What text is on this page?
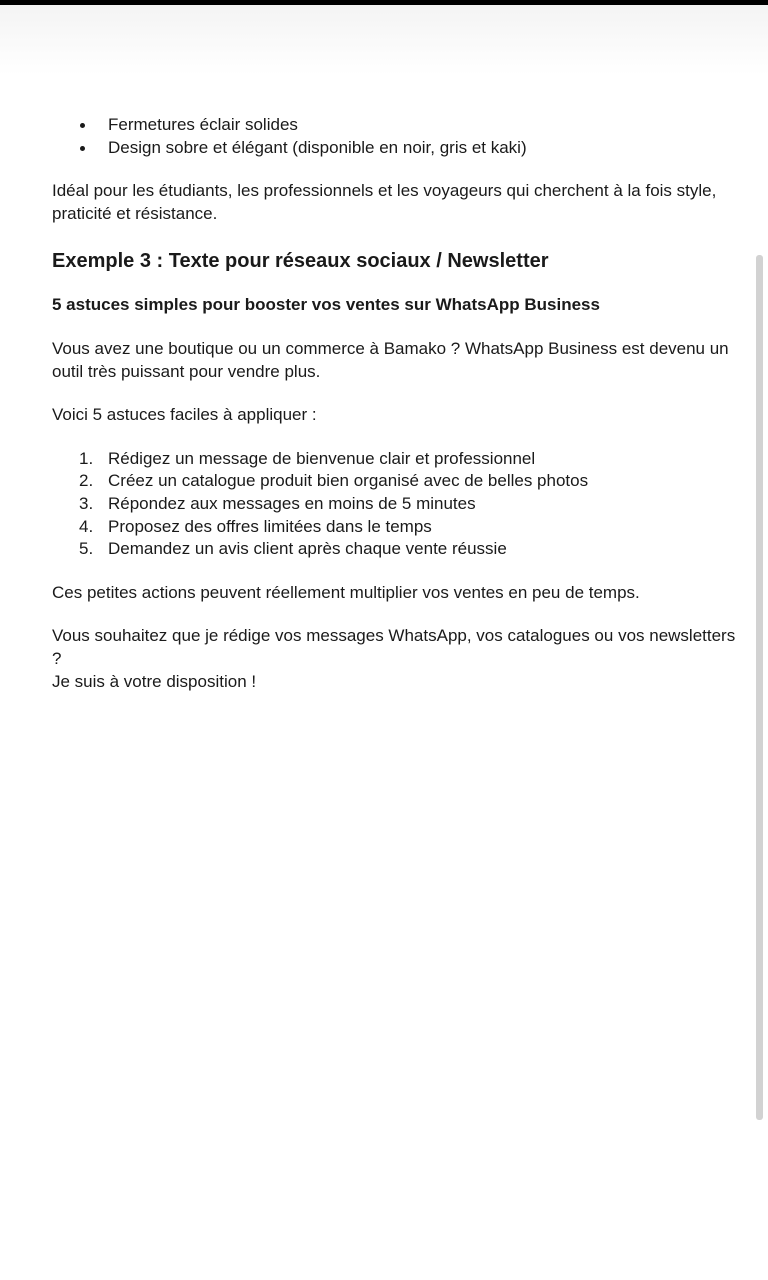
Fermetures éclair solides
Design sobre et élégant (disponible en noir, gris et kaki)

Idéal pour les étudiants, les professionnels et les voyageurs qui cherchent à la fois style,
praticité et résistance.

Exemple 3 : Texte pour réseaux sociaux / Newsletter

5 astuces simples pour booster vos ventes sur WhatsApp Business

Vous avez une boutique ou un commerce à Bamako ? WhatsApp Business est devenu un
outil très puissant pour vendre plus.

Voici 5 astuces faciles à appliquer :

1. Rédigez un message de bienvenue clair et professionnel
2. Créez un catalogue produit bien organisé avec de belles photos
3. Répondez aux messages en moins de 5 minutes
4. Proposez des offres limitées dans le temps
5. Demandez un avis client après chaque vente réussie

Ces petites actions peuvent réellement multiplier vos ventes en peu de temps.

Vous souhaitez que je rédige vos messages WhatsApp, vos catalogues ou vos newsletters ?
Je suis à votre disposition !
